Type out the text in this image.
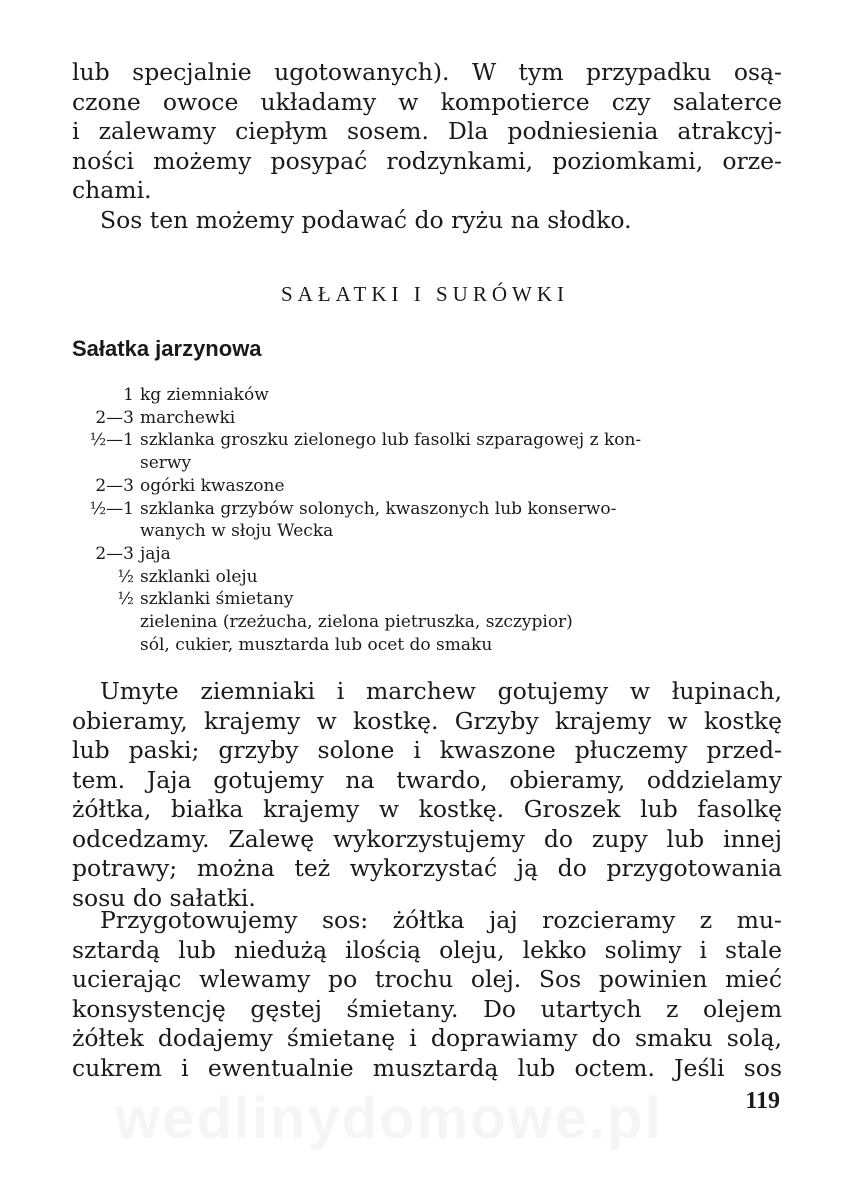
lub specjalnie ugotowanych). W tym przypadku osą-
czone owoce układamy w kompotierce czy salaterce
i zalewamy ciepłym sosem. Dla podniesienia atrakcyj-
ności możemy posypać rodzynkami, poziomkami, orze-
chami.
Sos ten możemy podawać do ryżu na słodko.
SAŁATKI I SURÓWKI
Sałatka jarzynowa
1 kg ziemniaków
2—3 marchewki
½—1 szklanka groszku zielonego lub fasolki szparagowej z kon-
serwy
2—3 ogórki kwaszone
½—1 szklanka grzybów solonych, kwaszonych lub konserwo-
wanych w słoju Wecka
2—3 jaja
½ szklanki oleju
½ szklanki śmietany
zielenina (rzeżucha, zielona pietruszka, szczypior)
sól, cukier, musztarda lub ocet do smaku
Umyte ziemniaki i marchew gotujemy w łupinach,
obieramy, krajemy w kostkę. Grzyby krajemy w kostkę
lub paski; grzyby solone i kwaszone płuczemy przed-
tem. Jaja gotujemy na twardo, obieramy, oddzielamy
żółtka, białka krajemy w kostkę. Groszek lub fasolkę
odcedzamy. Zalewę wykorzystujemy do zupy lub innej
potrawy; można też wykorzystać ją do przygotowania
sosu do sałatki.
Przygotowujemy sos: żółtka jaj rozcieramy z mu-
sztardą lub niedużą ilością oleju, lekko solimy i stale
ucierając wlewamy po trochu olej. Sos powinien mieć
konsystencję gęstej śmietany. Do utartych z olejem
żółtek dodajemy śmietanę i doprawiamy do smaku solą,
cukrem i ewentualnie musztardą lub octem. Jeśli sos
119
